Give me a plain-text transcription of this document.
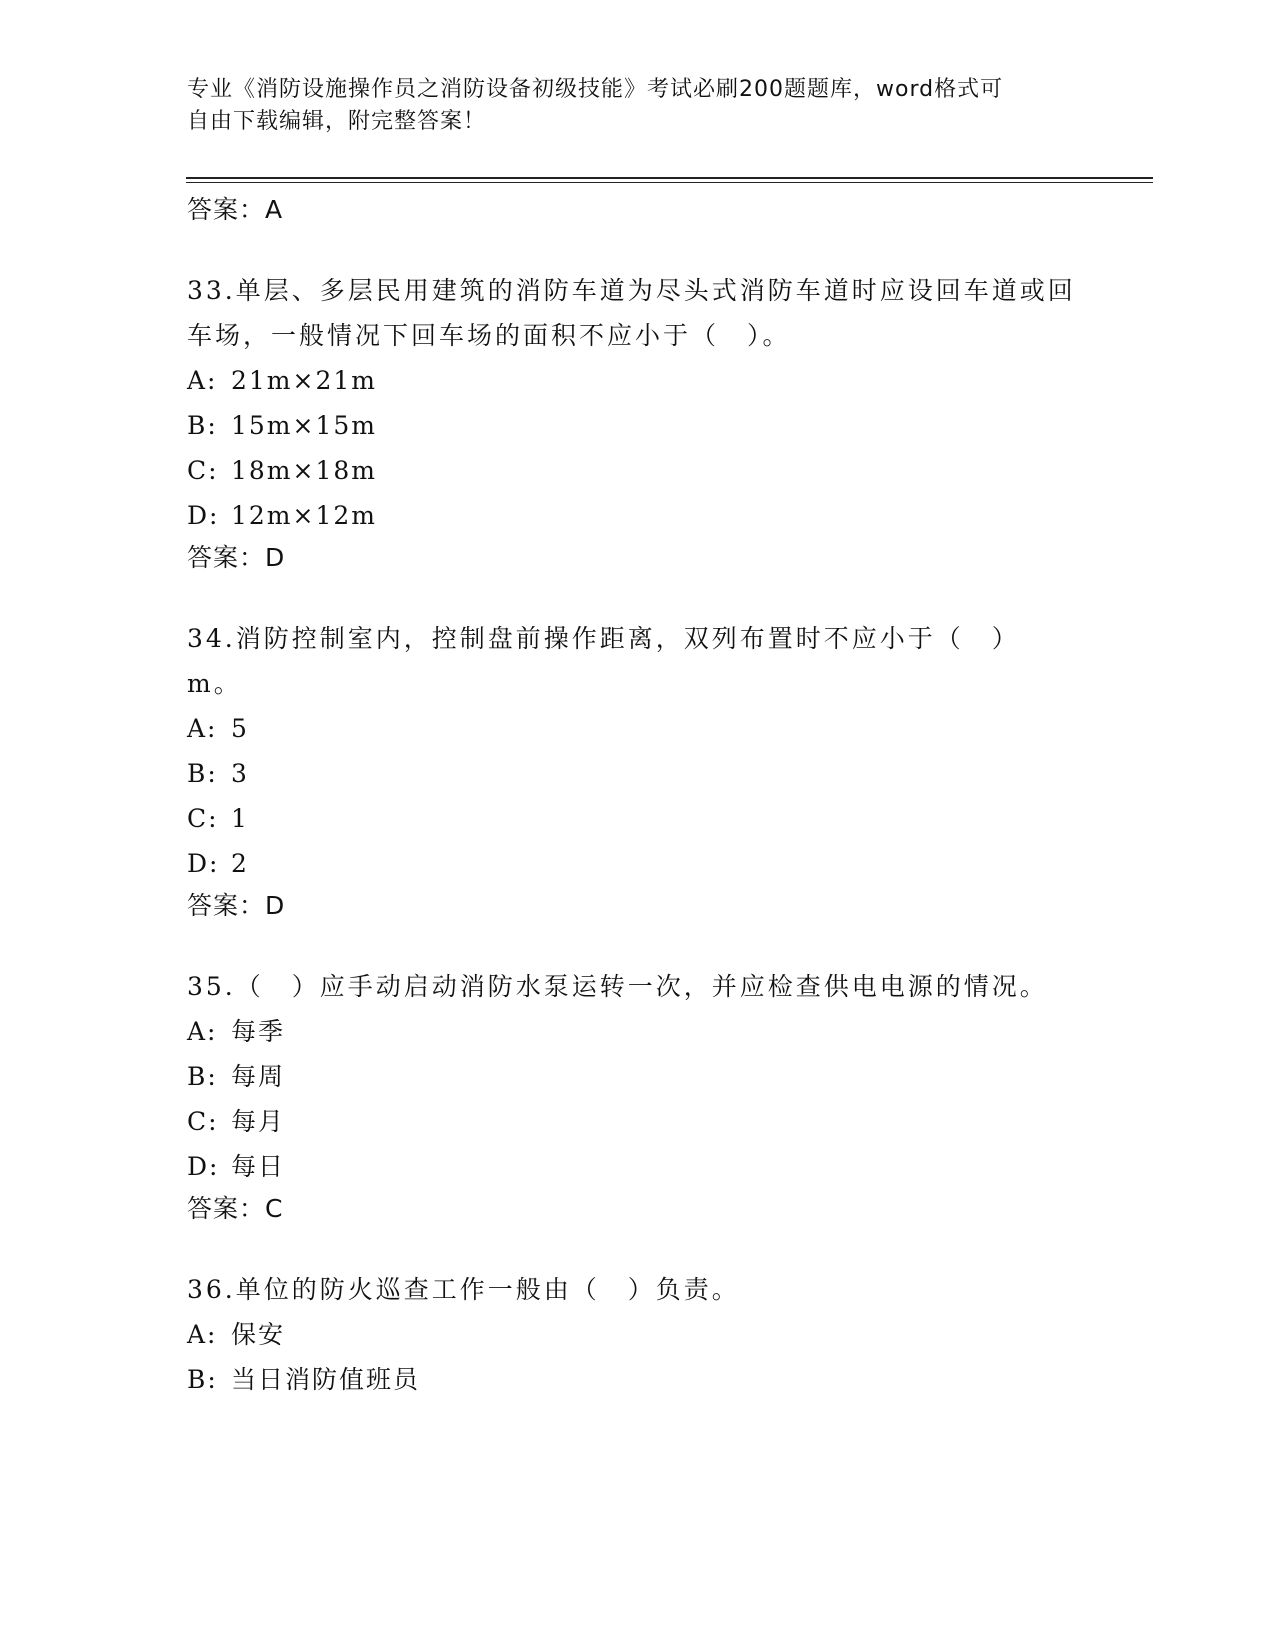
专业《消防设施操作员之消防设备初级技能》考试必刷200题题库，word格式可
自由下载编辑，附完整答案！
答案：A
33.单层、多层民用建筑的消防车道为尽头式消防车道时应设回车道或回车场，一般情况下回车场的面积不应小于（　）。
A: 21m×21m
B: 15m×15m
C: 18m×18m
D: 12m×12m
答案：D
34.消防控制室内，控制盘前操作距离，双列布置时不应小于（　）m。
A: 5
B: 3
C: 1
D: 2
答案：D
35.（　）应手动启动消防水泵运转一次，并应检查供电电源的情况。
A: 每季
B: 每周
C: 每月
D: 每日
答案：C
36.单位的防火巡查工作一般由（　）负责。
A: 保安
B: 当日消防值班员
